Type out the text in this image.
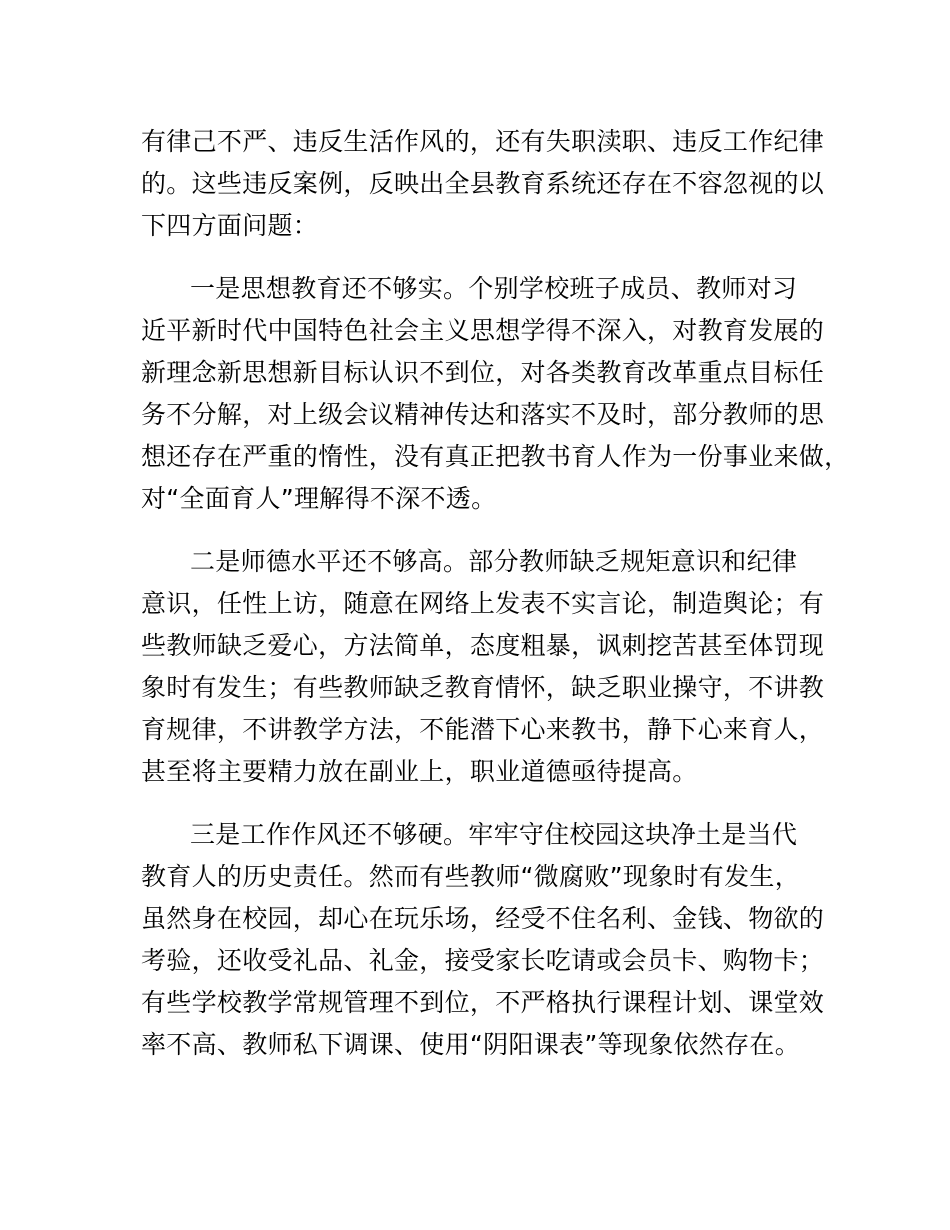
有律己不严、违反生活作风的，还有失职渎职、违反工作纪律
的。这些违反案例，反映出全县教育系统还存在不容忽视的以
下四方面问题：
一是思想教育还不够实。个别学校班子成员、教师对习
近平新时代中国特色社会主义思想学得不深入，对教育发展的
新理念新思想新目标认识不到位，对各类教育改革重点目标任
务不分解，对上级会议精神传达和落实不及时，部分教师的思
想还存在严重的惰性，没有真正把教书育人作为一份事业来做，
对“全面育人”理解得不深不透。
二是师德水平还不够高。部分教师缺乏规矩意识和纪律
意识，任性上访，随意在网络上发表不实言论，制造舆论；有
些教师缺乏爱心，方法简单，态度粗暴，讽刺挖苦甚至体罚现
象时有发生；有些教师缺乏教育情怀，缺乏职业操守，不讲教
育规律，不讲教学方法，不能潜下心来教书，静下心来育人，
甚至将主要精力放在副业上，职业道德亟待提高。
三是工作作风还不够硬。牢牢守住校园这块净土是当代
教育人的历史责任。然而有些教师“微腐败”现象时有发生，
虽然身在校园，却心在玩乐场，经受不住名利、金钱、物欲的
考验，还收受礼品、礼金，接受家长吃请或会员卡、购物卡；
有些学校教学常规管理不到位，不严格执行课程计划、课堂效
率不高、教师私下调课、使用“阴阳课表”等现象依然存在。
